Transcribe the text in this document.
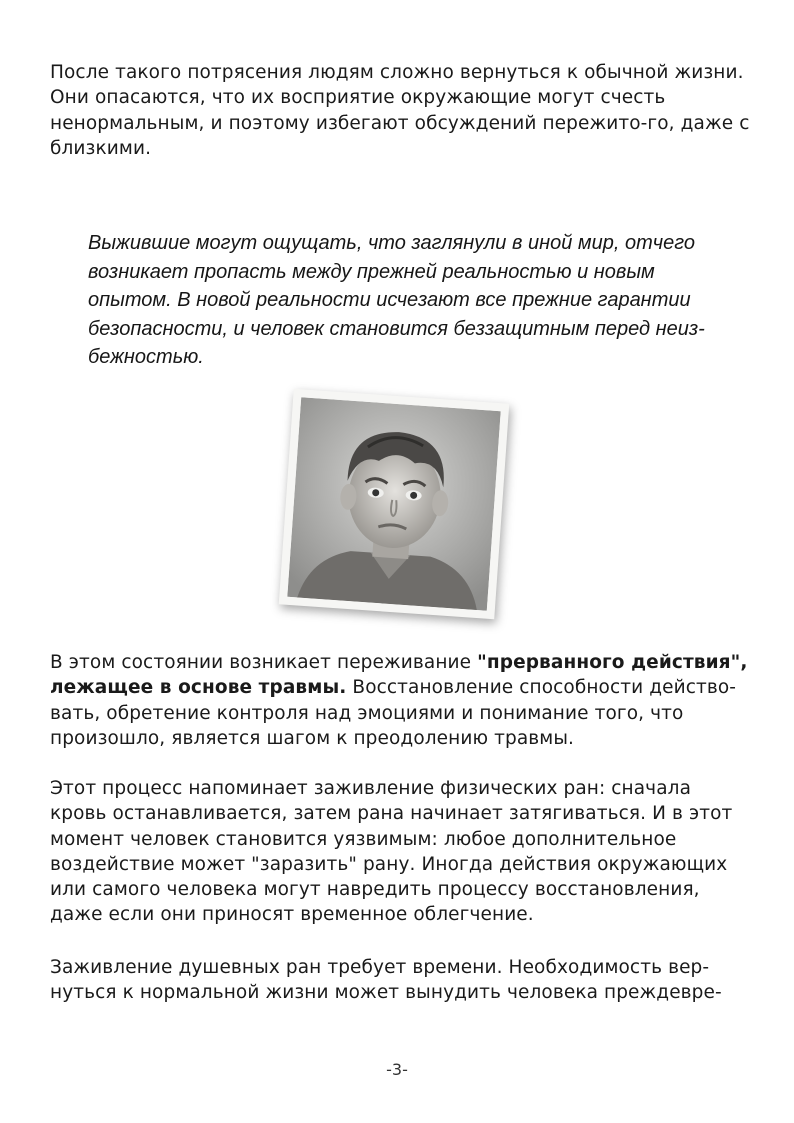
После такого потрясения людям сложно вернуться к обычной жизни. Они опасаются, что их восприятие окружающие могут счесть ненормальным, и поэтому избегают обсуждений пережито-го, даже с близкими.

Выжившие могут ощущать, что заглянули в иной мир, отчего возникает пропасть между прежней реальностью и новым опытом. В новой реальности исчезают все прежние гарантии безопасности, и человек становится беззащитным перед неиз-бежностью.

В этом состоянии возникает переживание "прерванного действия", лежащее в основе травмы. Восстановление способности действо-вать, обретение контроля над эмоциями и понимание того, что произошло, является шагом к преодолению травмы.

Этот процесс напоминает заживление физических ран: сначала кровь останавливается, затем рана начинает затягиваться. И в этот момент человек становится уязвимым: любое дополнительное воздействие может "заразить" рану. Иногда действия окружающих или самого человека могут навредить процессу восстановления, даже если они приносят временное облегчение.

Заживление душевных ран требует времени. Необходимость вер-нуться к нормальной жизни может вынудить человека преждевре-

-3-
